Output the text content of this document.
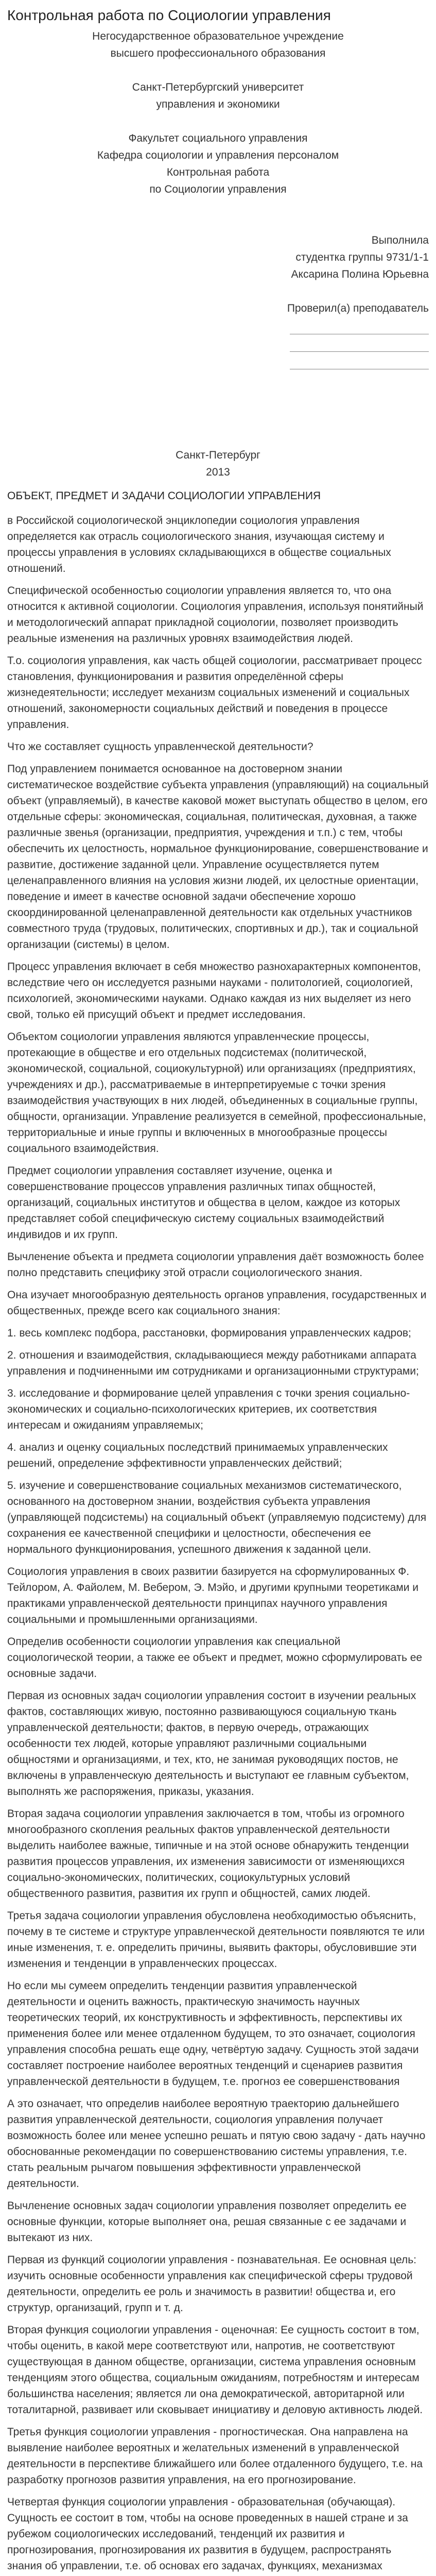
Контрольная работа по Социологии управления
Негосударственное образовательное учреждение
высшего профессионального образования
Санкт-Петербургский университет
управления и экономики
Факультет социального управления
Кафедра социологии и управления персоналом
Контрольная работа
по Социологии управления
Выполнила
студентка группы 9731/1-1
Аксарина Полина Юрьевна
Проверил(а) преподаватель
Санкт-Петербург
2013
ОБЪЕКТ, ПРЕДМЕТ И ЗАДАЧИ СОЦИОЛОГИИ УПРАВЛЕНИЯ

в Российской социологической энциклопедии социология управления определяется как отрасль социологического знания, изучающая систему и процессы управления в условиях складывающихся в обществе социальных отношений.

Специфической особенностью социологии управления является то, что она относится к активной социологии. Социология управления, используя понятийный и методологический аппарат прикладной социологии, позволяет производить реальные изменения на различных уровнях взаимодействия людей.

Т.о. социология управления, как часть общей социологии, рассматривает процесс становления, функционирования и развития определённой сферы жизнедеятельности; исследует механизм социальных изменений и социальных отношений, закономерности социальных действий и поведения в процессе управления.

Что же составляет сущность управленческой деятельности?

Под управлением понимается основанное на достоверном знании систематическое воздействие субъекта управления (управляющий) на социальный объект (управляемый), в качестве каковой может выступать общество в целом, его отдельные сферы: экономическая, социальная, политическая, духовная, а также различные звенья (организации, предприятия, учреждения и т.п.) с тем, чтобы обеспечить их целостность, нормальное функционирование, совершенствование и развитие, достижение заданной цели. Управление осуществляется путем целенаправленного влияния на условия жизни людей, их целостные ориентации, поведение и имеет в качестве основной задачи обеспечение хорошо скоординированной целенаправленной деятельности как отдельных участников совместного труда (трудовых, политических, спортивных и др.), так и социальной организации (системы) в целом.

Процесс управления включает в себя множество разнохарактерных компонентов, вследствие чего он исследуется разными науками - политологией, социологией, психологией, экономическими науками. Однако каждая из них выделяет из него свой, только ей присущий объект и предмет исследования.

Объектом социологии управления являются управленческие процессы, протекающие в обществе и его отдельных подсистемах (политической, экономической, социальной, социокультурной) или организациях (предприятиях, учреждениях и др.), рассматриваемые в интерпретируемые с точки зрения взаимодействия участвующих в них людей, объединенных в социальные группы, общности, организации. Управление реализуется в семейной, профессиональные, территориальные и иные группы и включенных в многообразные процессы социального взаимодействия.

Предмет социологии управления составляет изучение, оценка и совершенствование процессов управления различных типах общностей, организаций, социальных институтов и общества в целом, каждое из которых представляет собой специфическую систему социальных взаимодействий индивидов и их групп.

Вычленение объекта и предмета социологии управления даёт возможность более полно представить специфику этой отрасли социологического знания.

Она изучает многообразную деятельность органов управления, государственных и общественных, прежде всего как социального знания:

1. весь комплекс подбора, расстановки, формирования управленческих кадров;

2. отношения и взаимодействия, складывающиеся между работниками аппарата управления и подчиненными им сотрудниками и организационными структурами;

3. исследование и формирование целей управления с точки зрения социально-экономических и социально-психологических критериев, их соответствия интересам и ожиданиям управляемых;

4. анализ и оценку социальных последствий принимаемых управленческих решений, определение эффективности управленческих действий;

5. изучение и совершенствование социальных механизмов систематического, основанного на достоверном знании, воздействия субъекта управления (управляющей подсистемы) на социальный объект (управляемую подсистему) для сохранения ее качественной специфики и целостности, обеспечения ее нормального функционирования, успешного движения к заданной цели.

Социология управления в своих развитии базируется на сформулированных Ф. Тейлором, А. Файолем, М. Вебером, Э. Мэйо, и другими крупными теоретиками и практиками управленческой деятельности принципах научного управления социальными и промышленными организациями.

Определив особенности социологии управления как специальной социологической теории, а также ее объект и предмет, можно сформулировать ее основные задачи.

Первая из основных задач социологии управления состоит в изучении реальных фактов, составляющих живую, постоянно развивающуюся социальную ткань управленческой деятельности; фактов, в первую очередь, отражающих особенности тех людей, которые управляют различными социальными общностями и организациями, и тех, кто, не занимая руководящих постов, не включены в управленческую деятельность и выступают ее главным субъектом, выполнять же распоряжения, приказы, указания.

Вторая задача социологии управления заключается в том, чтобы из огромного многообразного скопления реальных фактов управленческой деятельности выделить наиболее важные, типичные и на этой основе обнаружить тенденции развития процессов управления, их изменения зависимости от изменяющихся социально-экономических, политических, социокультурных условий общественного развития, развития их групп и общностей, самих людей.

Третья задача социологии управления обусловлена необходимостью объяснить, почему в те системе и структуре управленческой деятельности появляются те или иные изменения, т. е. определить причины, выявить факторы, обусловившие эти изменения и тенденции в управленческих процессах.

Но если мы сумеем определить тенденции развития управленческой деятельности и оценить важность, практическую значимость научных теоретических теорий, их конструктивность и эффективность, перспективы их применения более или менее отдаленном будущем, то это означает, социология управления способна решать еще одну, четвёртую задачу. Сущность этой задачи составляет построение наиболее вероятных тенденций и сценариев развития управленческой деятельности в будущем, т.е. прогноз ее совершенствования

А это означает, что определив наиболее вероятную траекторию дальнейшего развития управленческой деятельности, социология управления получает возможность более или менее успешно решать и пятую свою задачу - дать научно обоснованные рекомендации по совершенствованию системы управления, т.е. стать реальным рычагом повышения эффективности управленческой деятельности.

Вычленение основных задач социологии управления позволяет определить ее основные функции, которые выполняет она, решая связанные с ее задачами и вытекают из них.

Первая из функций социологии управления - познавательная. Ее основная цель: изучить основные особенности управления как специфической сферы трудовой деятельности, определить ее роль и значимость в развитии! общества и, его структур, организаций, групп и т. д.

Вторая функция социологии управления - оценочная: Ее сущность состоит в том, чтобы оценить, в какой мере соответствуют или, напротив, не соответствуют существующая в данном обществе, организации, система управления основным тенденциям этого общества, социальным ожиданиям, потребностям и интересам большинства населения; является ли она демократической, авторитарной или тоталитарной, развивает или сковывает инициативу и деловую активность людей.

Третья функция социологии управления - прогностическая. Она направлена на выявление наиболее вероятных и желательных изменений в управленческой деятельности в перспективе ближайшего или более отдаленного будущего, т.е. на разработку прогнозов развития управления, на его прогнозирование.

Четвертая функция социологии управления - образовательная (обучающая). Сущность ее состоит в том, чтобы на основе проведенных в нашей стране и за рубежом социологических исследований, тенденций их развития и прогнозирования, прогнозирования их развития в будущем, распространять знания об управлении, т.е. об основах его задачах, функциях, механизмах
